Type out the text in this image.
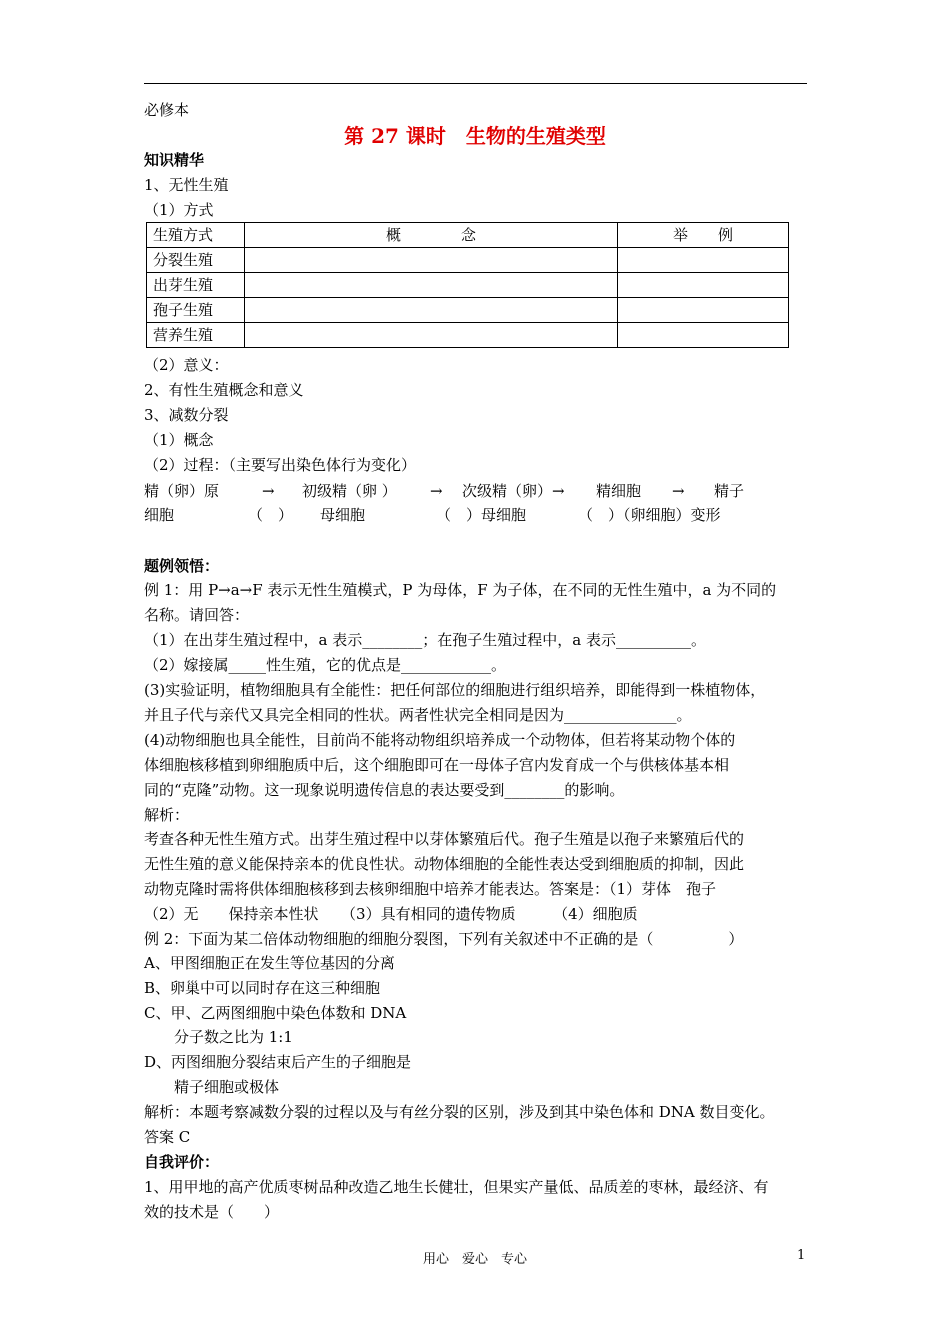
必修本
第 27 课时　生物的生殖类型
知识精华
1、无性生殖
（1）方式
生殖方式	概　　　　念	举　　例
分裂生殖		
出芽生殖		
孢子生殖		
营养生殖		
（2）意义：
2、有性生殖概念和意义
3、减数分裂
（1）概念
（2）过程：（主要写出染色体行为变化）
精（卵）原	→ 初级精（卵 ） → 次级精（卵）→ 精细胞 → 精子
细胞	（　） 母细胞	（　）母细胞	（　）（卵细胞）变形
题例领悟：
例 1：用 P→a→F 表示无性生殖模式，P 为母体，F 为子体，在不同的无性生殖中，a 为不同的
名称。请回答：
（1）在出芽生殖过程中，a 表示________；在孢子生殖过程中，a 表示__________。
（2）嫁接属_____性生殖，它的优点是____________。
(3)实验证明，植物细胞具有全能性：把任何部位的细胞进行组织培养，即能得到一株植物体，
并且子代与亲代又具完全相同的性状。两者性状完全相同是因为_______________。
(4)动物细胞也具全能性，目前尚不能将动物组织培养成一个动物体，但若将某动物个体的
体细胞核移植到卵细胞质中后，这个细胞即可在一母体子宫内发育成一个与供核体基本相
同的“克隆”动物。这一现象说明遗传信息的表达要受到________的影响。
解析：
考查各种无性生殖方式。出芽生殖过程中以芽体繁殖后代。孢子生殖是以孢子来繁殖后代的
无性生殖的意义能保持亲本的优良性状。动物体细胞的全能性表达受到细胞质的抑制，因此
动物克隆时需将供体细胞核移到去核卵细胞中培养才能表达。答案是：（1）芽体　孢子
（2）无　　保持亲本性状　　（3）具有相同的遗传物质　　　（4）细胞质
例 2：下面为某二倍体动物细胞的细胞分裂图，下列有关叙述中不正确的是（　　　　　）
A、甲图细胞正在发生等位基因的分离
B、卵巢中可以同时存在这三种细胞
C、甲、乙两图细胞中染色体数和 DNA
　　分子数之比为 1:1
D、丙图细胞分裂结束后产生的子细胞是
　　精子细胞或极体
解析：本题考察减数分裂的过程以及与有丝分裂的区别，涉及到其中染色体和 DNA 数目变化。
答案 C
自我评价：
1、用甲地的高产优质枣树品种改造乙地生长健壮，但果实产量低、品质差的枣林，最经济、有
效的技术是（　　）
用心　爱心　专心	1
